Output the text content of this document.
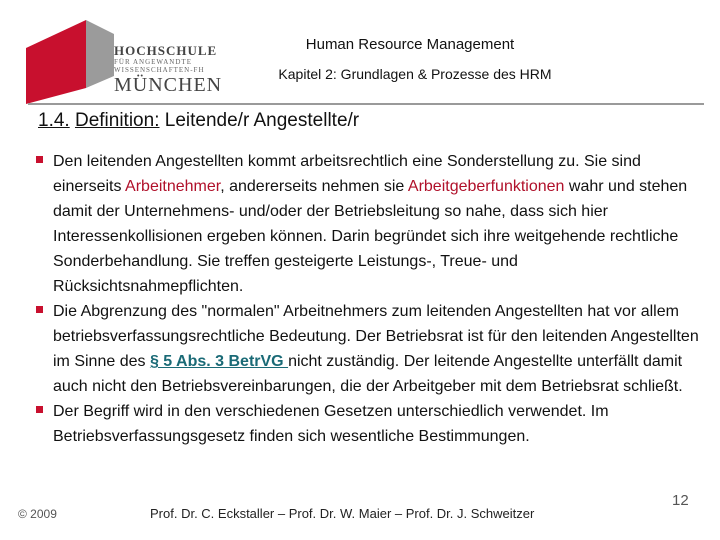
HOCHSCHULE
FÜR ANGEWANDTE
WISSENSCHAFTEN-FH
MÜNCHEN
Human Resource Management
Kapitel 2: Grundlagen & Prozesse des HRM
1.4. Definition: Leitende/r Angestellte/r
Den leitenden Angestellten kommt arbeitsrechtlich eine Sonderstellung zu. Sie sind einerseits Arbeitnehmer, andererseits nehmen sie Arbeitgeberfunktionen wahr und stehen damit der Unternehmens- und/oder der Betriebsleitung so nahe, dass sich hier Interessenkollisionen ergeben können. Darin begründet sich ihre weitgehende rechtliche Sonderbehandlung. Sie treffen gesteigerte Leistungs-, Treue- und Rücksichtsnahmepflichten.
Die Abgrenzung des "normalen" Arbeitnehmers zum leitenden Angestellten hat vor allem betriebsverfassungsrechtliche Bedeutung. Der Betriebsrat ist für den leitenden Angestellten im Sinne des § 5 Abs. 3 BetrVG nicht zuständig. Der leitende Angestellte unterfällt damit auch nicht den Betriebsvereinbarungen, die der Arbeitgeber mit dem Betriebsrat schließt.
Der Begriff wird in den verschiedenen Gesetzen unterschiedlich verwendet. Im Betriebsverfassungsgesetz finden sich wesentliche Bestimmungen.
© 2009	Prof. Dr. C. Eckstaller – Prof. Dr. W. Maier – Prof. Dr. J. Schweitzer
12
